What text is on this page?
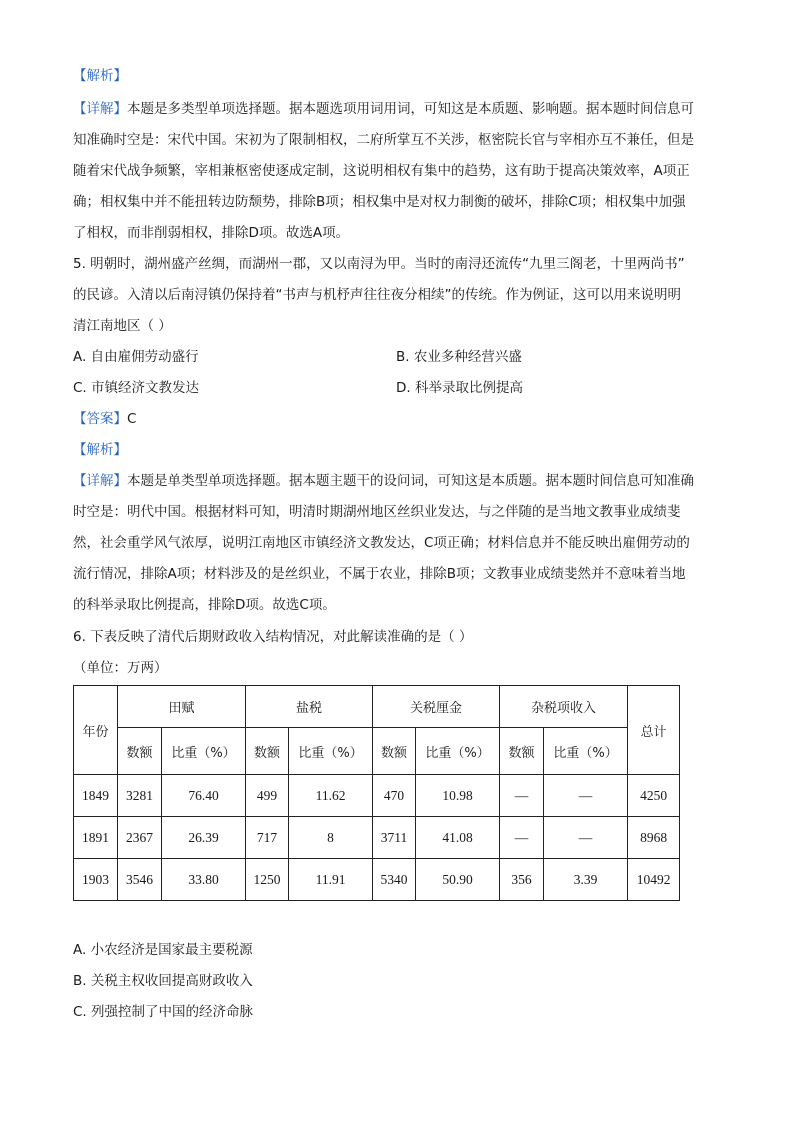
【解析】
【详解】本题是多类型单项选择题。据本题选项用词用词，可知这是本质题、影响题。据本题时间信息可
知准确时空是：宋代中国。宋初为了限制相权，二府所掌互不关涉，枢密院长官与宰相亦互不兼任，但是
随着宋代战争频繁，宰相兼枢密使逐成定制，这说明相权有集中的趋势，这有助于提高决策效率，A项正
确；相权集中并不能扭转边防颓势，排除B项；相权集中是对权力制衡的破坏，排除C项；相权集中加强
了相权，而非削弱相权，排除D项。故选A项。
5. 明朝时，湖州盛产丝绸，而湖州一郡，又以南浔为甲。当时的南浔还流传“九里三阁老，十里两尚书”
的民谚。入清以后南浔镇仍保持着“书声与机杼声往往夜分相续”的传统。作为例证，这可以用来说明明
清江南地区（ ）
A. 自由雇佣劳动盛行	B. 农业多种经营兴盛
C. 市镇经济文教发达	D. 科举录取比例提高
【答案】C
【解析】
【详解】本题是单类型单项选择题。据本题主题干的设问词，可知这是本质题。据本题时间信息可知准确
时空是：明代中国。根据材料可知，明清时期湖州地区丝织业发达，与之伴随的是当地文教事业成绩斐
然，社会重学风气浓厚，说明江南地区市镇经济文教发达，C项正确；材料信息并不能反映出雇佣劳动的
流行情况，排除A项；材料涉及的是丝织业，不属于农业，排除B项；文教事业成绩斐然并不意味着当地
的科举录取比例提高，排除D项。故选C项。
6. 下表反映了清代后期财政收入结构情况，对此解读准确的是（ ）
（单位：万两）
年份	田赋		盐税		关税厘金		杂税项收入		总计
	数额	比重（%）	数额	比重（%）	数额	比重（%）	数额	比重（%）	
1849	3281	76.40	499	11.62	470	10.98	—	—	4250
1891	2367	26.39	717	8	3711	41.08	—	—	8968
1903	3546	33.80	1250	11.91	5340	50.90	356	3.39	10492
A. 小农经济是国家最主要税源
B. 关税主权收回提高财政收入
C. 列强控制了中国的经济命脉
